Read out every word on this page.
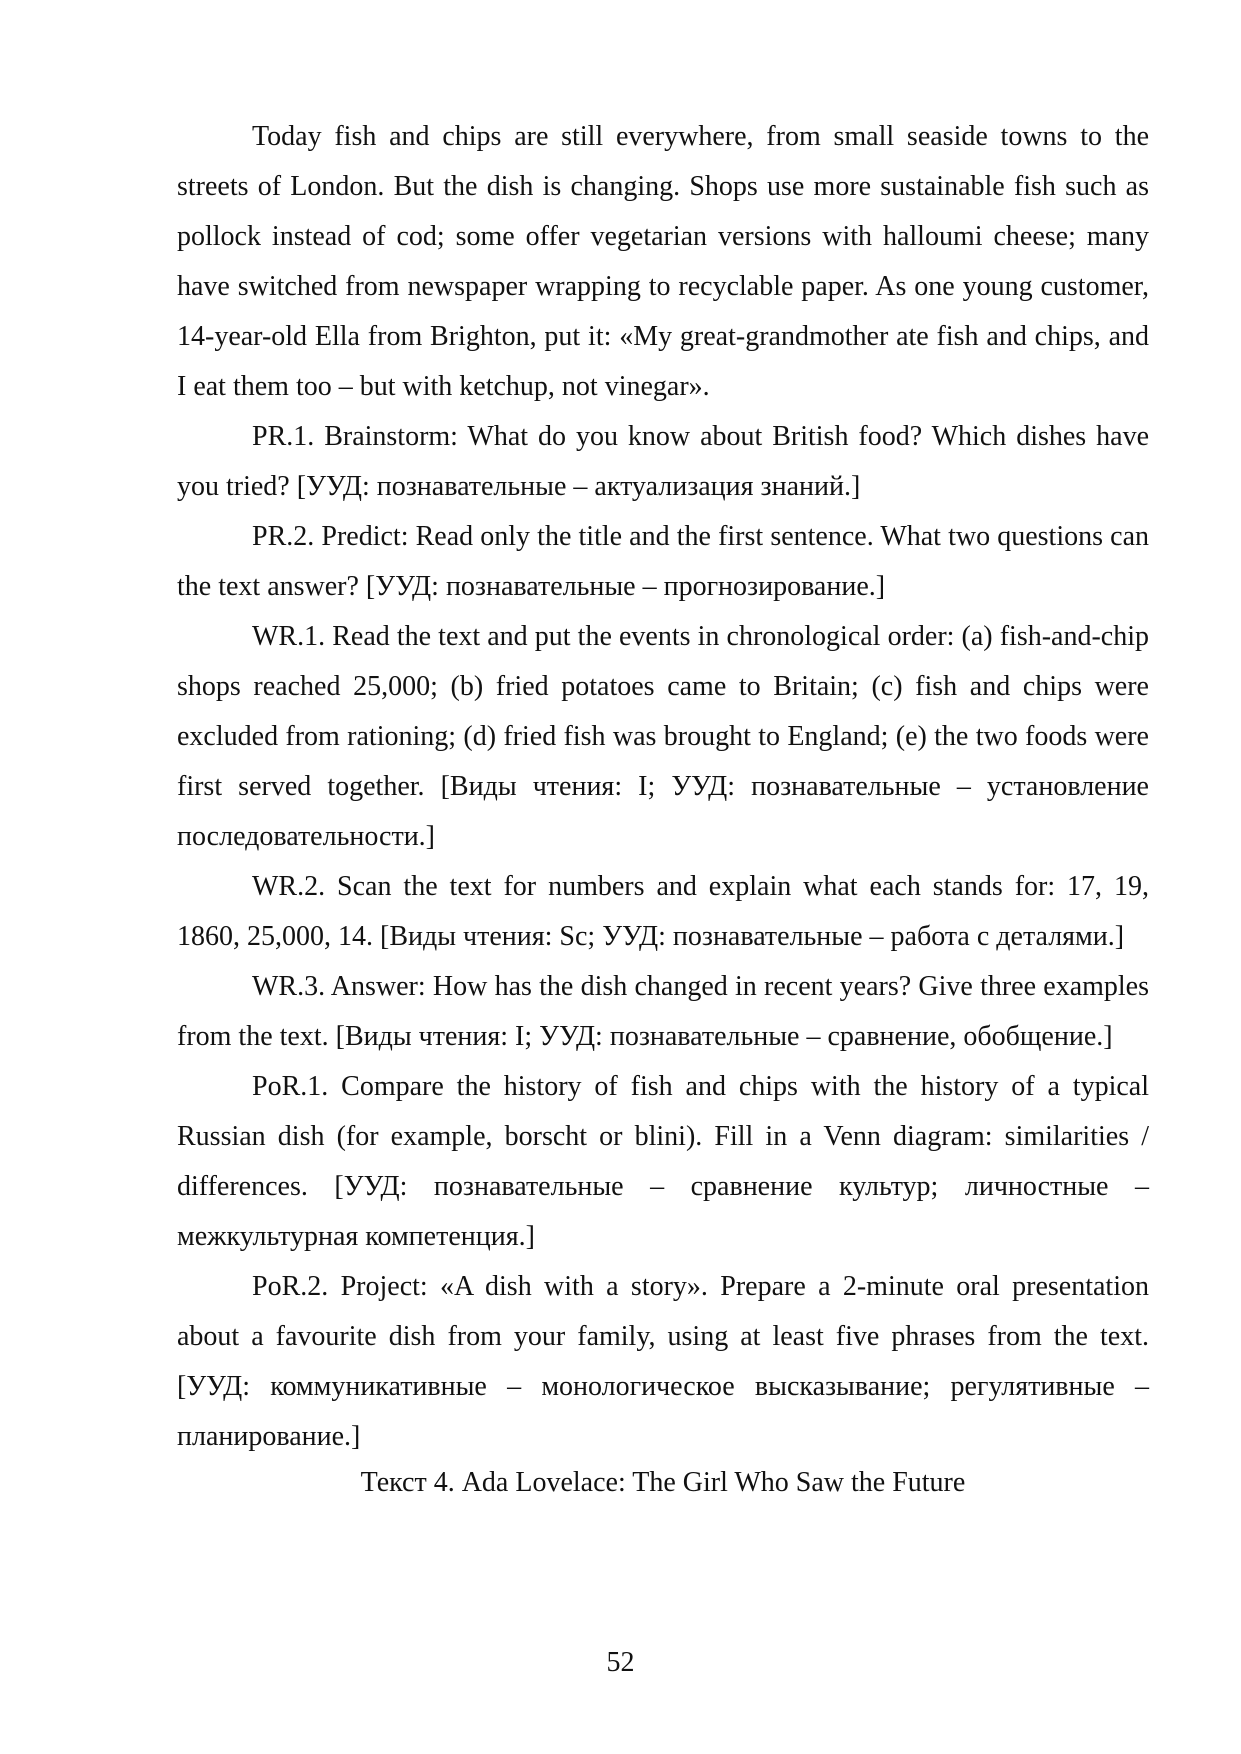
Today fish and chips are still everywhere, from small seaside towns to the streets of London. But the dish is changing. Shops use more sustainable fish such as pollock instead of cod; some offer vegetarian versions with halloumi cheese; many have switched from newspaper wrapping to recyclable paper. As one young customer, 14-year-old Ella from Brighton, put it: «My great-grandmother ate fish and chips, and I eat them too – but with ketchup, not vinegar».

PR.1. Brainstorm: What do you know about British food? Which dishes have you tried? [УУД: познавательные – актуализация знаний.]

PR.2. Predict: Read only the title and the first sentence. What two questions can the text answer? [УУД: познавательные – прогнозирование.]

WR.1. Read the text and put the events in chronological order: (a) fish-and-chip shops reached 25,000; (b) fried potatoes came to Britain; (c) fish and chips were excluded from rationing; (d) fried fish was brought to England; (e) the two foods were first served together. [Виды чтения: I; УУД: познавательные – установление последовательности.]

WR.2. Scan the text for numbers and explain what each stands for: 17, 19, 1860, 25,000, 14. [Виды чтения: Sc; УУД: познавательные – работа с деталями.]

WR.3. Answer: How has the dish changed in recent years? Give three examples from the text. [Виды чтения: I; УУД: познавательные – сравнение, обобщение.]

PoR.1. Compare the history of fish and chips with the history of a typical Russian dish (for example, borscht or blini). Fill in a Venn diagram: similarities / differences. [УУД: познавательные – сравнение культур; личностные – межкультурная компетенция.]

PoR.2. Project: «A dish with a story». Prepare a 2-minute oral presentation about a favourite dish from your family, using at least five phrases from the text. [УУД: коммуникативные – монологическое высказывание; регулятивные – планирование.]

Текст 4. Ada Lovelace: The Girl Who Saw the Future

52
